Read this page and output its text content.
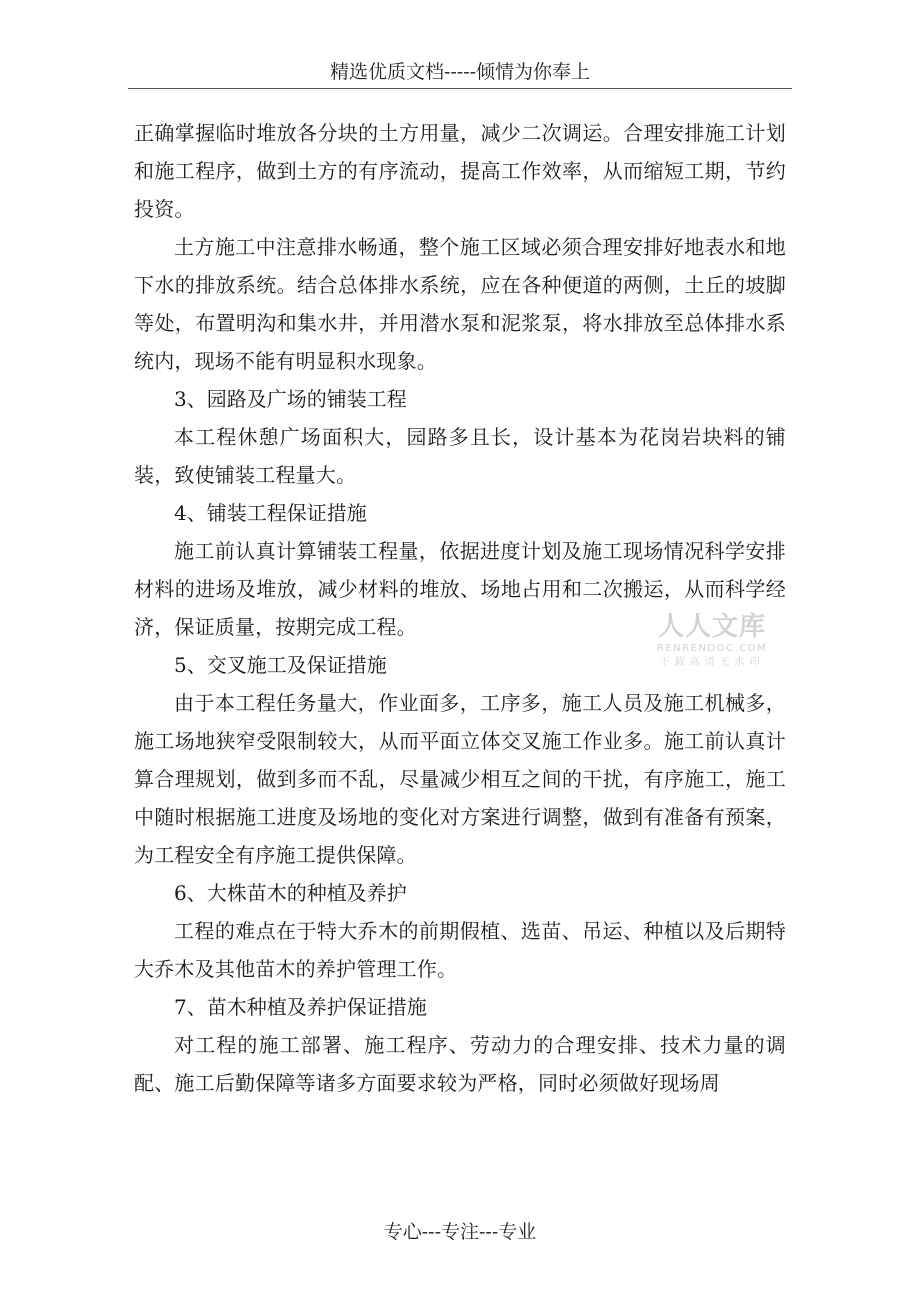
精选优质文档-----倾情为你奉上

正确掌握临时堆放各分块的土方用量，减少二次调运。合理安排施工计划和施工程序，做到土方的有序流动，提高工作效率，从而缩短工期，节约投资。

土方施工中注意排水畅通，整个施工区域必须合理安排好地表水和地下水的排放系统。结合总体排水系统，应在各种便道的两侧，土丘的坡脚等处，布置明沟和集水井，并用潜水泵和泥浆泵，将水排放至总体排水系统内，现场不能有明显积水现象。

3、园路及广场的铺装工程

本工程休憩广场面积大，园路多且长，设计基本为花岗岩块料的铺装，致使铺装工程量大。

4、铺装工程保证措施

施工前认真计算铺装工程量，依据进度计划及施工现场情况科学安排材料的进场及堆放，减少材料的堆放、场地占用和二次搬运，从而科学经济，保证质量，按期完成工程。

5、交叉施工及保证措施

由于本工程任务量大，作业面多，工序多，施工人员及施工机械多，施工场地狭窄受限制较大，从而平面立体交叉施工作业多。施工前认真计算合理规划，做到多而不乱，尽量减少相互之间的干扰，有序施工，施工中随时根据施工进度及场地的变化对方案进行调整，做到有准备有预案，为工程安全有序施工提供保障。

6、大株苗木的种植及养护

工程的难点在于特大乔木的前期假植、选苗、吊运、种植以及后期特大乔木及其他苗木的养护管理工作。

7、苗木种植及养护保证措施

对工程的施工部署、施工程序、劳动力的合理安排、技术力量的调配、施工后勤保障等诸多方面要求较为严格，同时必须做好现场周

人人文库
RENRENDOC.COM
下载高清无水印
专心---专注---专业
